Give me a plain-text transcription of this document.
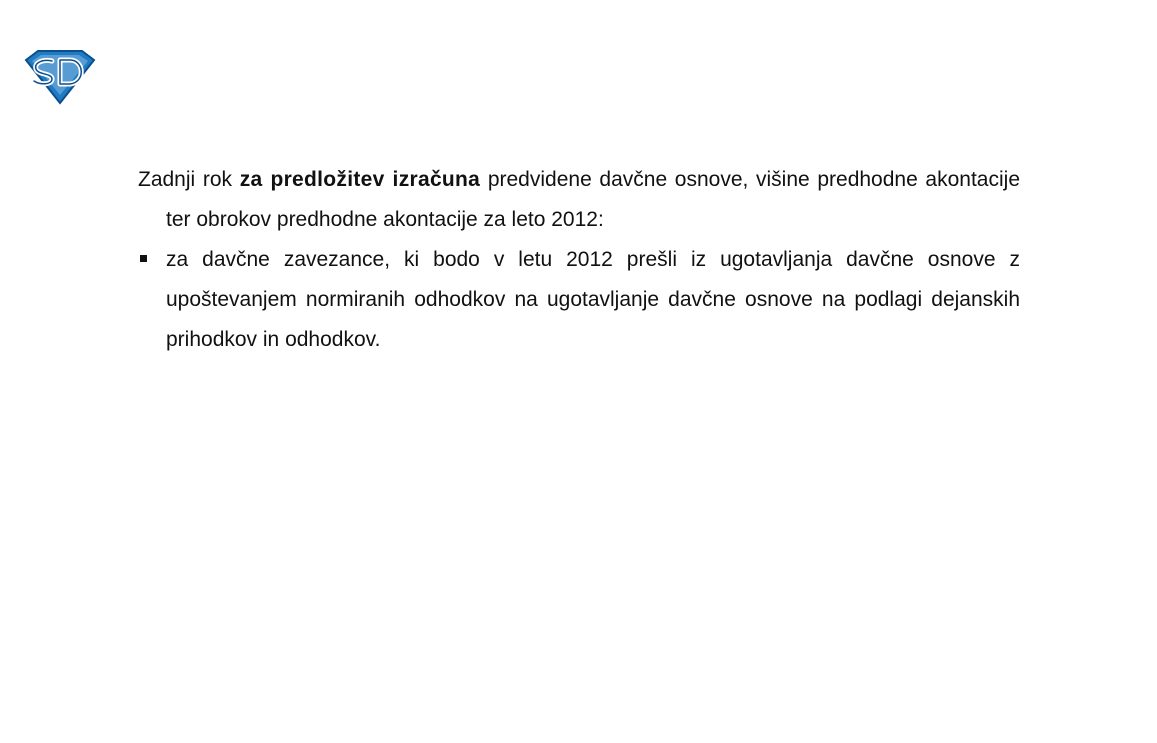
Zadnji rok za predložitev izračuna predvidene davčne osnove, višine predhodne akontacije ter obrokov predhodne akontacije za leto 2012:

za davčne zavezance, ki bodo v letu 2012 prešli iz ugotavljanja davčne osnove z upoštevanjem normiranih odhodkov na ugotavljanje davčne osnove na podlagi dejanskih prihodkov in odhodkov.
